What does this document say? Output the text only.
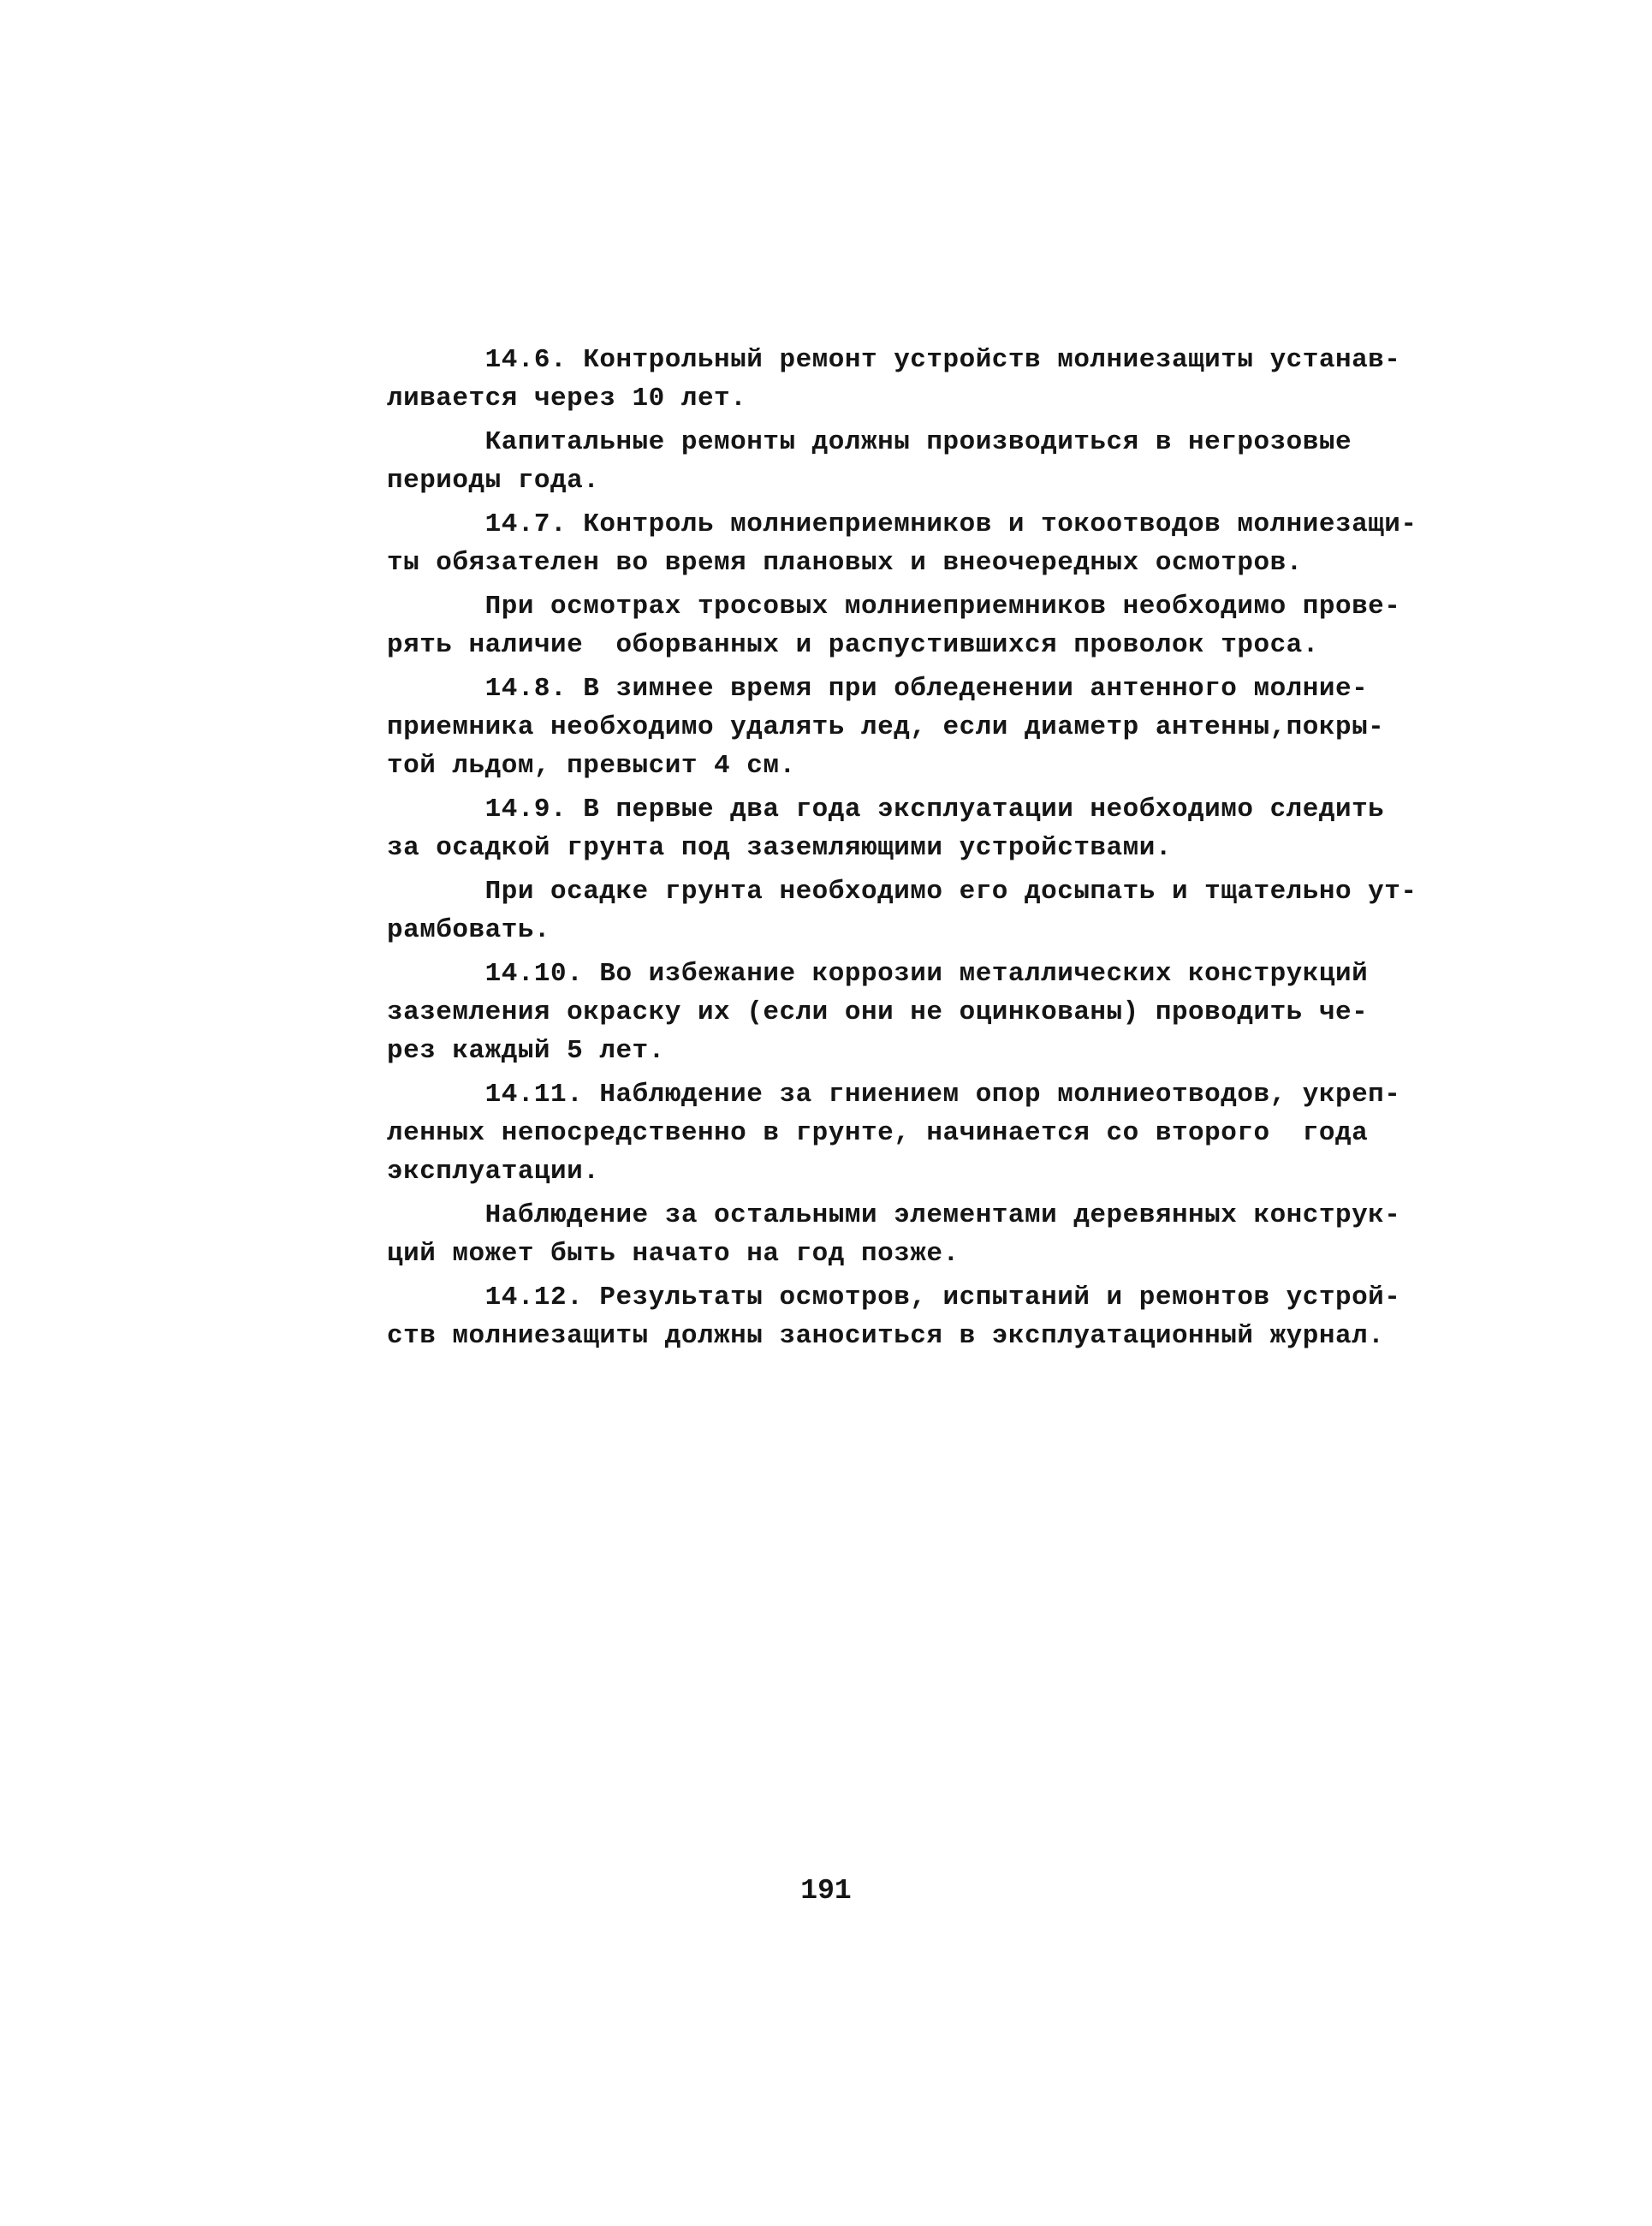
14.6. Контрольный ремонт устройств молниезащиты устанав-
ливается через 10 лет.
Капитальные ремонты должны производиться в негрозовые
периоды года.
14.7. Контроль молниеприемников и токоотводов молниезащи-
ты обязателен во время плановых и внеочередных осмотров.
При осмотрах тросовых молниеприемников необходимо прове-
рять наличие  оборванных и распустившихся проволок троса.
14.8. В зимнее время при обледенении антенного молние-
приемника необходимо удалять лед, если диаметр антенны,покры-
той льдом, превысит 4 см.
14.9. В первые два года эксплуатации необходимо следить
за осадкой грунта под заземляющими устройствами.
При осадке грунта необходимо его досыпать и тщательно ут-
рамбовать.
14.10. Во избежание коррозии металлических конструкций
заземления окраску их (если они не оцинкованы) проводить че-
рез каждый 5 лет.
14.11. Наблюдение за гниением опор молниеотводов, укреп-
ленных непосредственно в грунте, начинается со второго  года
эксплуатации.
Наблюдение за остальными элементами деревянных конструк-
ций может быть начато на год позже.
14.12. Результаты осмотров, испытаний и ремонтов устрой-
ств молниезащиты должны заноситься в эксплуатационный журнал.
191
